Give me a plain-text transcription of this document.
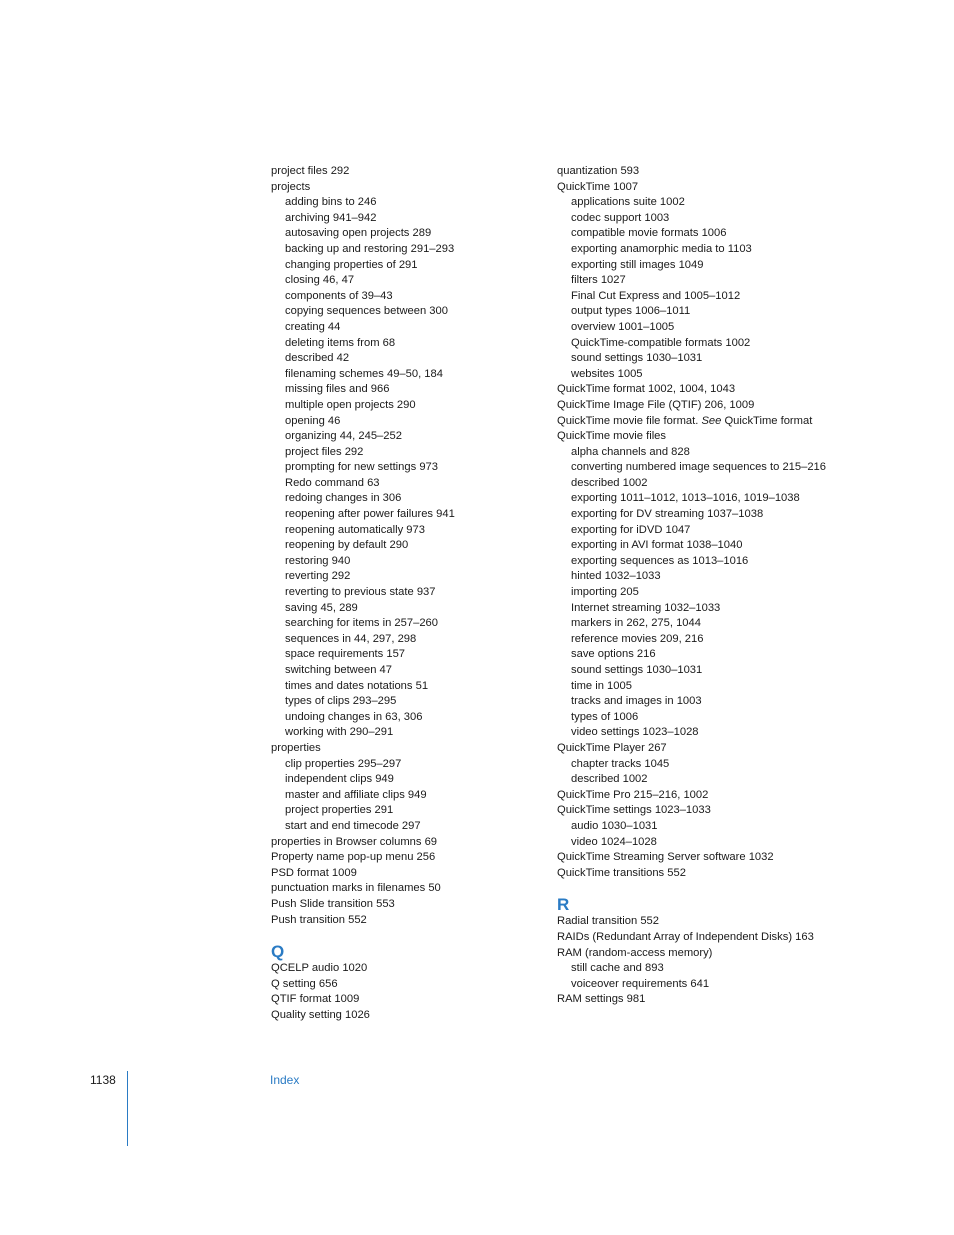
project files 292
projects
adding bins to 246
archiving 941–942
autosaving open projects 289
backing up and restoring 291–293
changing properties of 291
closing 46, 47
components of 39–43
copying sequences between 300
creating 44
deleting items from 68
described 42
filenaming schemes 49–50, 184
missing files and 966
multiple open projects 290
opening 46
organizing 44, 245–252
project files 292
prompting for new settings 973
Redo command 63
redoing changes in 306
reopening after power failures 941
reopening automatically 973
reopening by default 290
restoring 940
reverting 292
reverting to previous state 937
saving 45, 289
searching for items in 257–260
sequences in 44, 297, 298
space requirements 157
switching between 47
times and dates notations 51
types of clips 293–295
undoing changes in 63, 306
working with 290–291
properties
clip properties 295–297
independent clips 949
master and affiliate clips 949
project properties 291
start and end timecode 297
properties in Browser columns 69
Property name pop-up menu 256
PSD format 1009
punctuation marks in filenames 50
Push Slide transition 553
Push transition 552
Q
QCELP audio 1020
Q setting 656
QTIF format 1009
Quality setting 1026
quantization 593
QuickTime 1007
applications suite 1002
codec support 1003
compatible movie formats 1006
exporting anamorphic media to 1103
exporting still images 1049
filters 1027
Final Cut Express and 1005–1012
output types 1006–1011
overview 1001–1005
QuickTime-compatible formats 1002
sound settings 1030–1031
websites 1005
QuickTime format 1002, 1004, 1043
QuickTime Image File (QTIF) 206, 1009
QuickTime movie file format. See QuickTime format
QuickTime movie files
alpha channels and 828
converting numbered image sequences to 215–216
described 1002
exporting 1011–1012, 1013–1016, 1019–1038
exporting for DV streaming 1037–1038
exporting for iDVD 1047
exporting in AVI format 1038–1040
exporting sequences as 1013–1016
hinted 1032–1033
importing 205
Internet streaming 1032–1033
markers in 262, 275, 1044
reference movies 209, 216
save options 216
sound settings 1030–1031
time in 1005
tracks and images in 1003
types of 1006
video settings 1023–1028
QuickTime Player 267
chapter tracks 1045
described 1002
QuickTime Pro 215–216, 1002
QuickTime settings 1023–1033
audio 1030–1031
video 1024–1028
QuickTime Streaming Server software 1032
QuickTime transitions 552
R
Radial transition 552
RAIDs (Redundant Array of Independent Disks) 163
RAM (random-access memory)
still cache and 893
voiceover requirements 641
RAM settings 981
1138	Index
